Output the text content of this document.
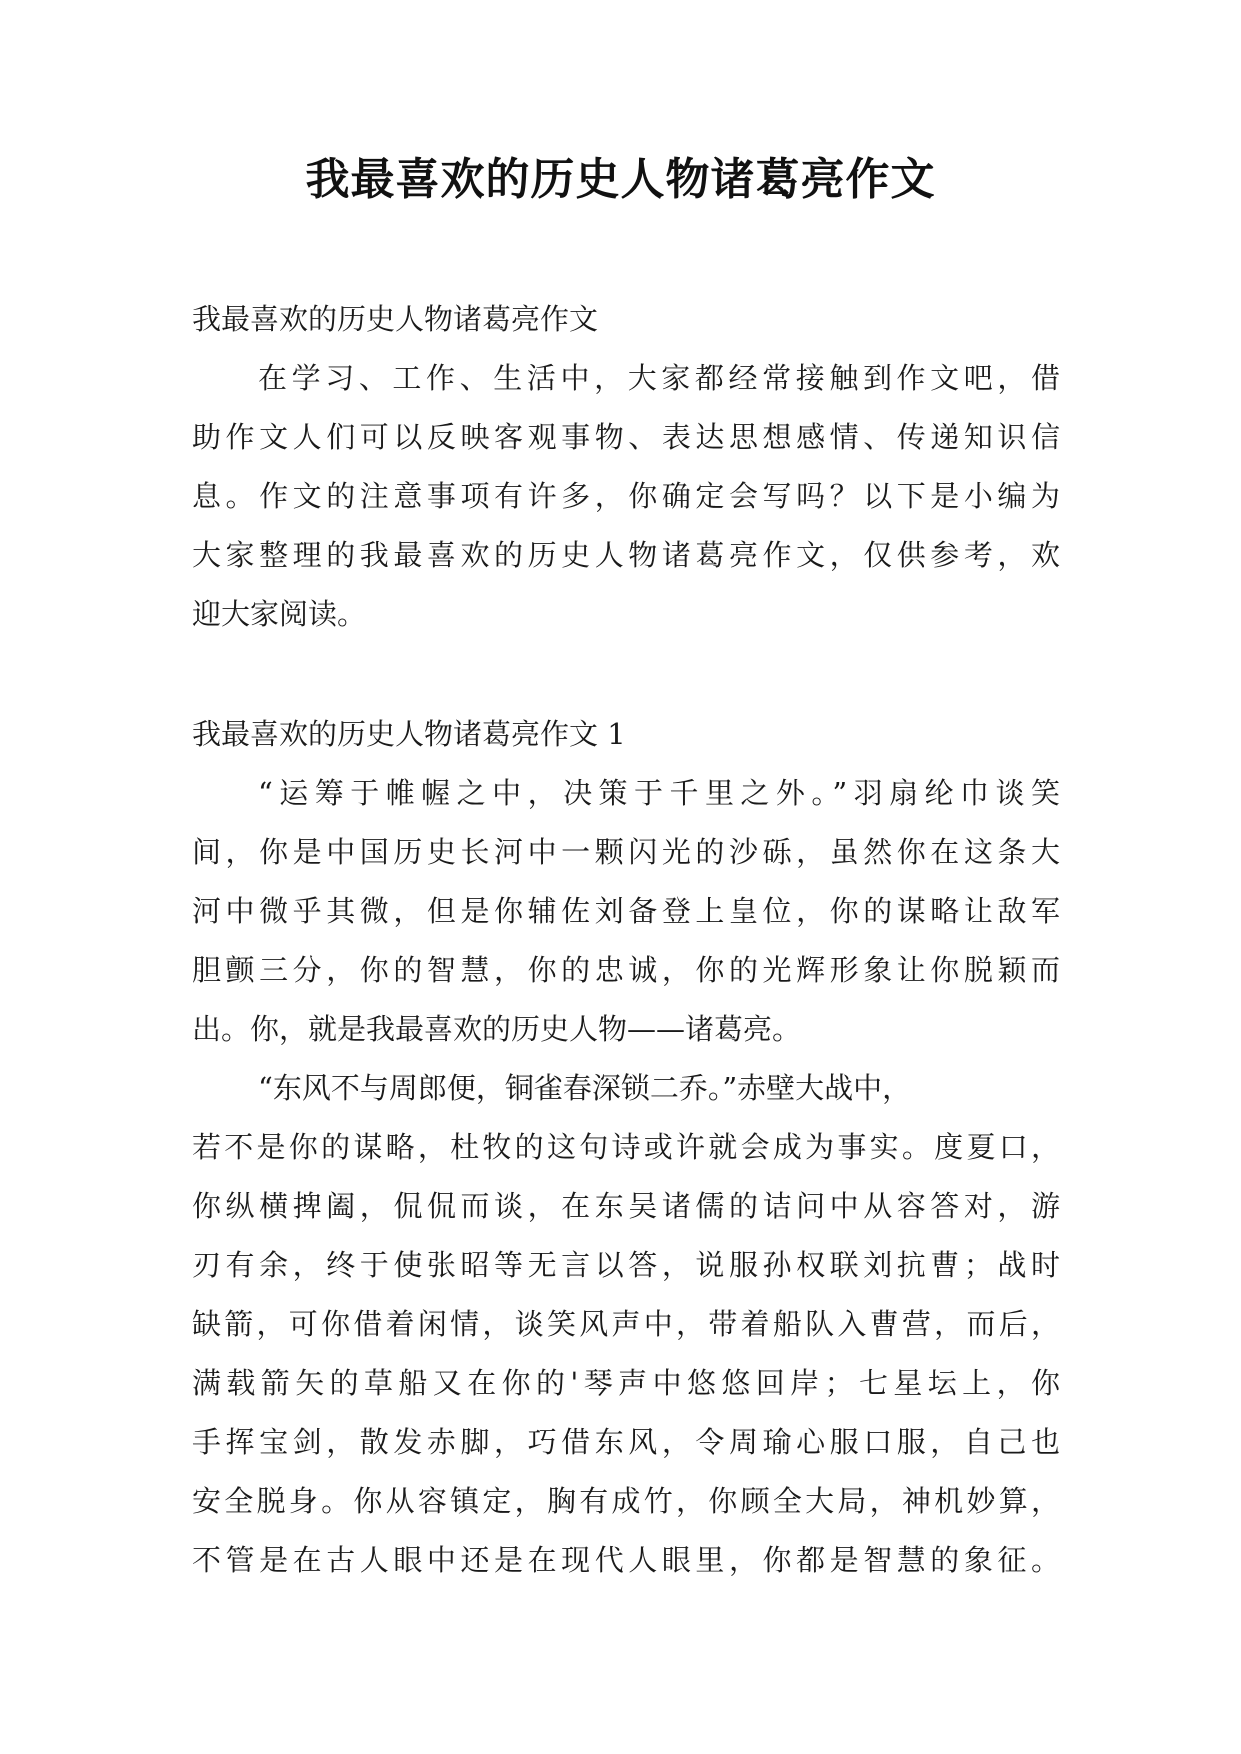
我最喜欢的历史人物诸葛亮作文
我最喜欢的历史人物诸葛亮作文
在学习、工作、生活中，大家都经常接触到作文吧，借
助作文人们可以反映客观事物、表达思想感情、传递知识信
息。作文的注意事项有许多，你确定会写吗？以下是小编为
大家整理的我最喜欢的历史人物诸葛亮作文，仅供参考，欢
迎大家阅读。
我最喜欢的历史人物诸葛亮作文 1
“运筹于帷幄之中，决策于千里之外。”羽扇纶巾谈笑
间，你是中国历史长河中一颗闪光的沙砾，虽然你在这条大
河中微乎其微，但是你辅佐刘备登上皇位，你的谋略让敌军
胆颤三分，你的智慧，你的忠诚，你的光辉形象让你脱颖而
出。你，就是我最喜欢的历史人物——诸葛亮。
“东风不与周郎便，铜雀春深锁二乔。”赤壁大战中，
若不是你的谋略，杜牧的这句诗或许就会成为事实。度夏口，
你纵横捭阖，侃侃而谈，在东吴诸儒的诘问中从容答对，游
刃有余，终于使张昭等无言以答，说服孙权联刘抗曹；战时
缺箭，可你借着闲情，谈笑风声中，带着船队入曹营，而后，
满载箭矢的草船又在你的'琴声中悠悠回岸；七星坛上，你
手挥宝剑，散发赤脚，巧借东风，令周瑜心服口服，自己也
安全脱身。你从容镇定，胸有成竹，你顾全大局，神机妙算，
不管是在古人眼中还是在现代人眼里，你都是智慧的象征。
